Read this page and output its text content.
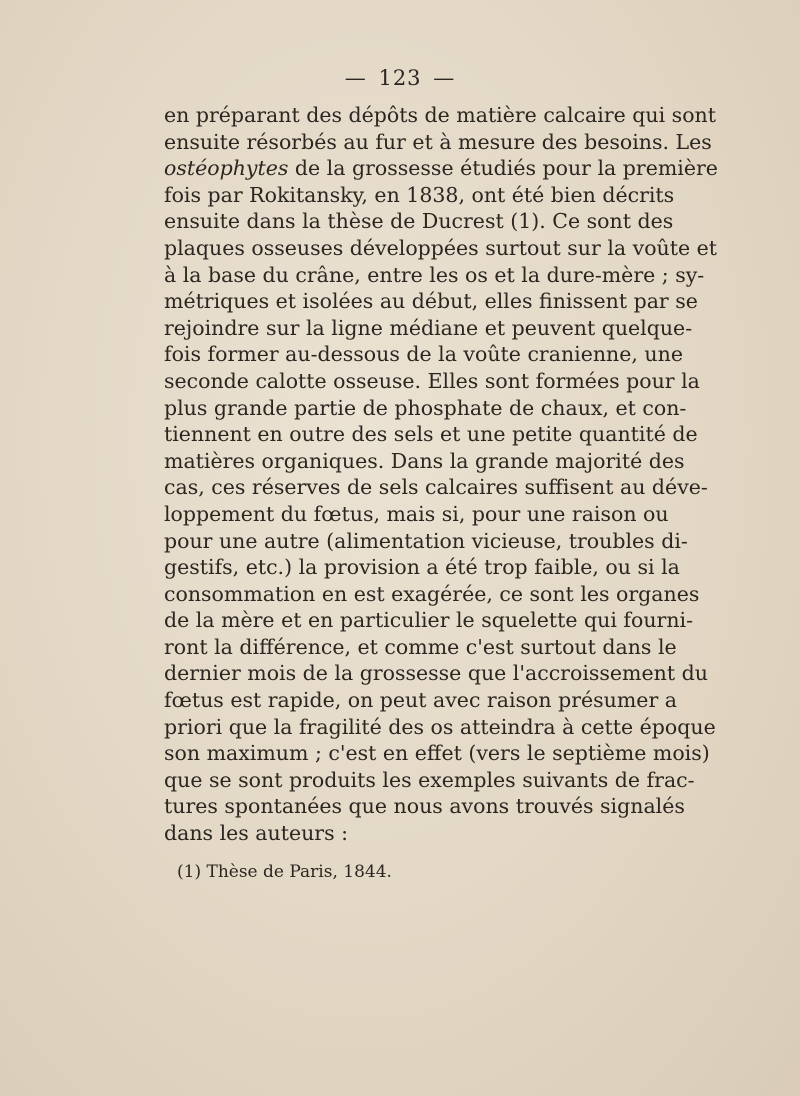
— 123 —
en préparant des dépôts de matière calcaire qui sont
ensuite résorbés au fur et à mesure des besoins. Les
ostéophytes de la grossesse étudiés pour la première
fois par Rokitansky, en 1838, ont été bien décrits
ensuite dans la thèse de Ducrest (1). Ce sont des
plaques osseuses développées surtout sur la voûte et
à la base du crâne, entre les os et la dure-mère ; sy-
métriques et isolées au début, elles finissent par se
rejoindre sur la ligne médiane et peuvent quelque-
fois former au-dessous de la voûte cranienne, une
seconde calotte osseuse. Elles sont formées pour la
plus grande partie de phosphate de chaux, et con-
tiennent en outre des sels et une petite quantité de
matières organiques. Dans la grande majorité des
cas, ces réserves de sels calcaires suffisent au déve-
loppement du fœtus, mais si, pour une raison ou
pour une autre (alimentation vicieuse, troubles di-
gestifs, etc.) la provision a été trop faible, ou si la
consommation en est exagérée, ce sont les organes
de la mère et en particulier le squelette qui fourni-
ront la différence, et comme c'est surtout dans le
dernier mois de la grossesse que l'accroissement du
fœtus est rapide, on peut avec raison présumer a
priori que la fragilité des os atteindra à cette époque
son maximum ; c'est en effet (vers le septième mois)
que se sont produits les exemples suivants de frac-
tures spontanées que nous avons trouvés signalés
dans les auteurs :
(1) Thèse de Paris, 1844.
